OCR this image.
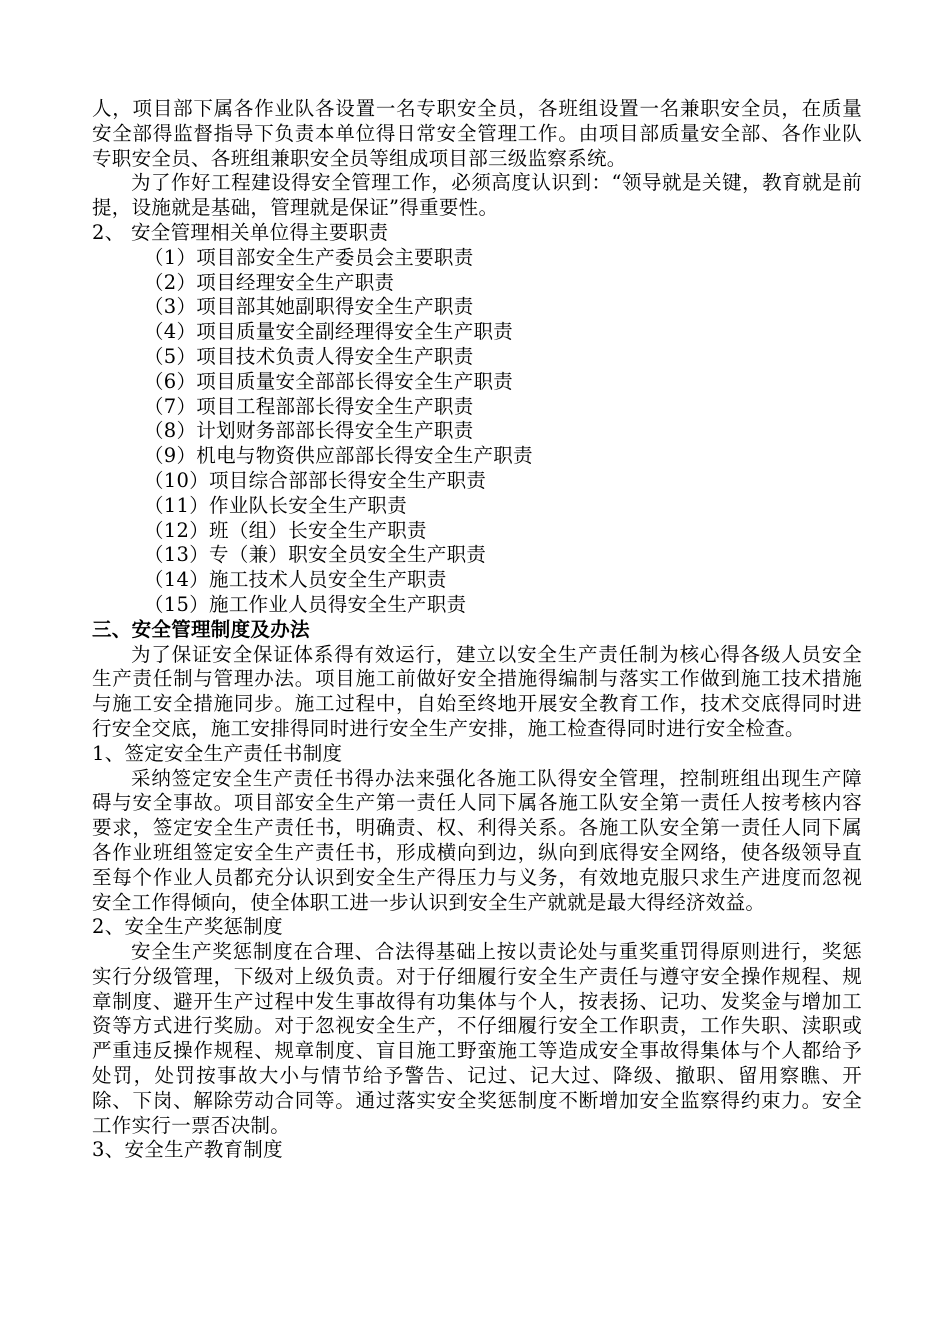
人，项目部下属各作业队各设置一名专职安全员，各班组设置一名兼职安全员，在质量安全部得监督指导下负责本单位得日常安全管理工作。由项目部质量安全部、各作业队专职安全员、各班组兼职安全员等组成项目部三级监察系统。

为了作好工程建设得安全管理工作，必须高度认识到：“领导就是关键，教育就是前提，设施就是基础，管理就是保证”得重要性。

2、 安全管理相关单位得主要职责

（1）项目部安全生产委员会主要职责
（2）项目经理安全生产职责
（3）项目部其她副职得安全生产职责
（4）项目质量安全副经理得安全生产职责
（5）项目技术负责人得安全生产职责
（6）项目质量安全部部长得安全生产职责
（7）项目工程部部长得安全生产职责
（8）计划财务部部长得安全生产职责
（9）机电与物资供应部部长得安全生产职责
（10）项目综合部部长得安全生产职责
（11）作业队长安全生产职责
（12）班（组）长安全生产职责
（13）专（兼）职安全员安全生产职责
（14）施工技术人员安全生产职责
（15）施工作业人员得安全生产职责

三、安全管理制度及办法

为了保证安全保证体系得有效运行，建立以安全生产责任制为核心得各级人员安全生产责任制与管理办法。项目施工前做好安全措施得编制与落实工作做到施工技术措施与施工安全措施同步。施工过程中，自始至终地开展安全教育工作，技术交底得同时进行安全交底，施工安排得同时进行安全生产安排，施工检查得同时进行安全检查。

1、签定安全生产责任书制度

采纳签定安全生产责任书得办法来强化各施工队得安全管理，控制班组出现生产障碍与安全事故。项目部安全生产第一责任人同下属各施工队安全第一责任人按考核内容要求，签定安全生产责任书，明确责、权、利得关系。各施工队安全第一责任人同下属各作业班组签定安全生产责任书，形成横向到边，纵向到底得安全网络，使各级领导直至每个作业人员都充分认识到安全生产得压力与义务，有效地克服只求生产进度而忽视安全工作得倾向，使全体职工进一步认识到安全生产就就是最大得经济效益。

2、安全生产奖惩制度

安全生产奖惩制度在合理、合法得基础上按以责论处与重奖重罚得原则进行，奖惩实行分级管理，下级对上级负责。对于仔细履行安全生产责任与遵守安全操作规程、规章制度、避开生产过程中发生事故得有功集体与个人，按表扬、记功、发奖金与增加工资等方式进行奖励。对于忽视安全生产，不仔细履行安全工作职责，工作失职、渎职或严重违反操作规程、规章制度、盲目施工野蛮施工等造成安全事故得集体与个人都给予处罚，处罚按事故大小与情节给予警告、记过、记大过、降级、撤职、留用察瞧、开除、下岗、解除劳动合同等。通过落实安全奖惩制度不断增加安全监察得约束力。安全工作实行一票否决制。

3、安全生产教育制度
